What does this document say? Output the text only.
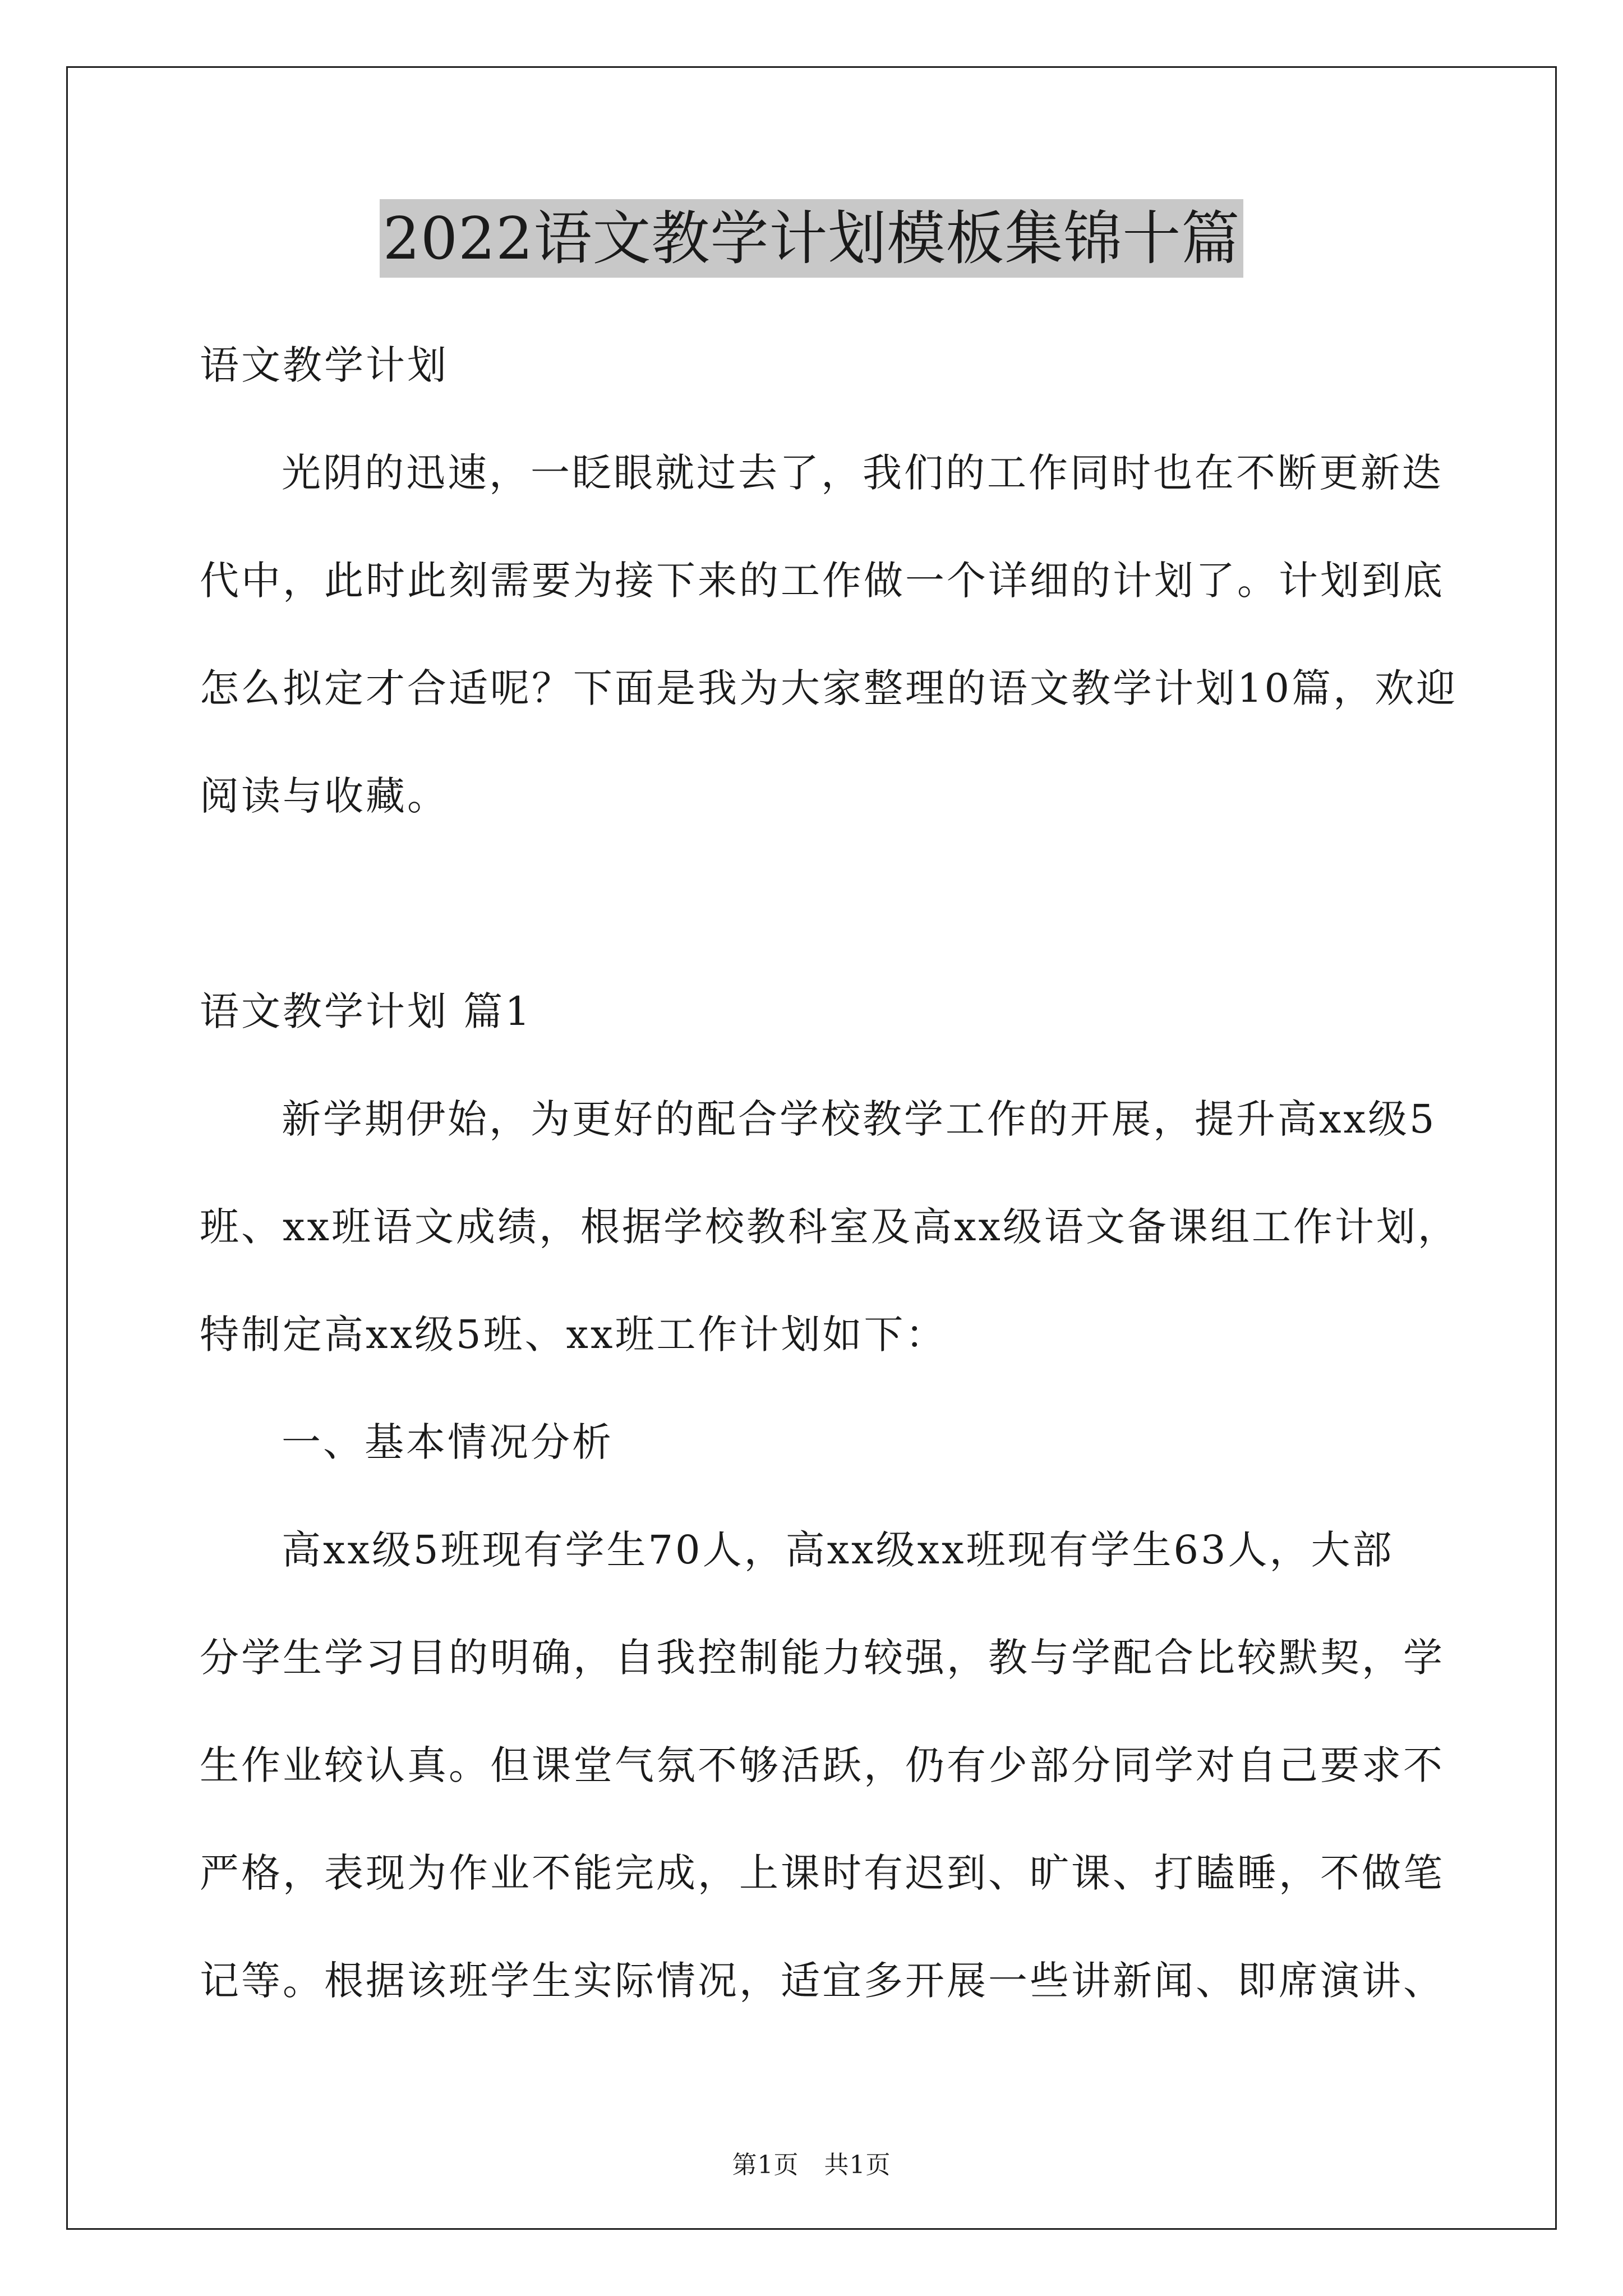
2022语文教学计划模板集锦十篇
语文教学计划
光阴的迅速，一眨眼就过去了，我们的工作同时也在不断更新迭
代中，此时此刻需要为接下来的工作做一个详细的计划了。计划到底
怎么拟定才合适呢？下面是我为大家整理的语文教学计划10篇，欢迎
阅读与收藏。
语文教学计划 篇1
新学期伊始，为更好的配合学校教学工作的开展，提升高xx级5
班、xx班语文成绩，根据学校教科室及高xx级语文备课组工作计划，
特制定高xx级5班、xx班工作计划如下：
一、基本情况分析
高xx级5班现有学生70人，高xx级xx班现有学生63人，大部
分学生学习目的明确，自我控制能力较强，教与学配合比较默契，学
生作业较认真。但课堂气氛不够活跃，仍有少部分同学对自己要求不
严格，表现为作业不能完成，上课时有迟到、旷课、打瞌睡，不做笔
记等。根据该班学生实际情况，适宜多开展一些讲新闻、即席演讲、
第1页　共1页
